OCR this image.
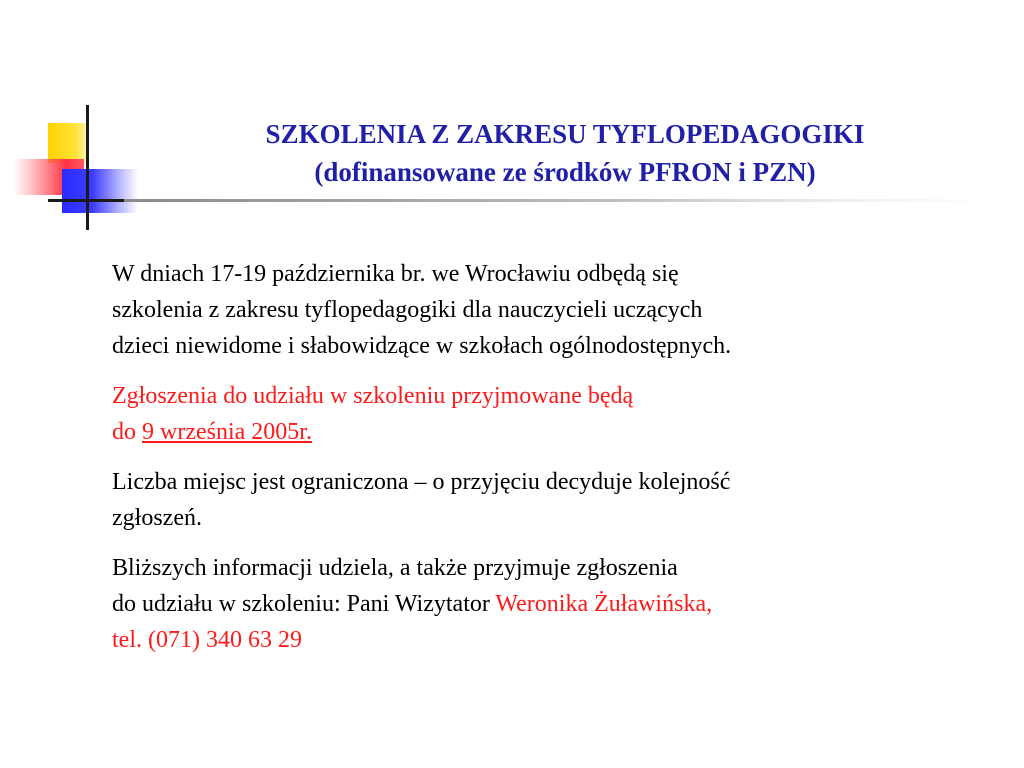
SZKOLENIA Z ZAKRESU TYFLOPEDAGOGIKI
(dofinansowane ze środków PFRON i PZN)
W dniach 17-19 października br. we Wrocławiu odbędą się
szkolenia z zakresu tyflopedagogiki dla nauczycieli uczących
dzieci niewidome i słabowidzące w szkołach ogólnodostępnych.
Zgłoszenia do udziału w szkoleniu przyjmowane będą
do 9 września 2005r.
Liczba miejsc jest ograniczona – o przyjęciu decyduje kolejność
zgłoszeń.
Bliższych informacji udziela, a także przyjmuje zgłoszenia
do udziału w szkoleniu: Pani Wizytator Weronika Żuławińska,
tel. (071) 340 63 29
